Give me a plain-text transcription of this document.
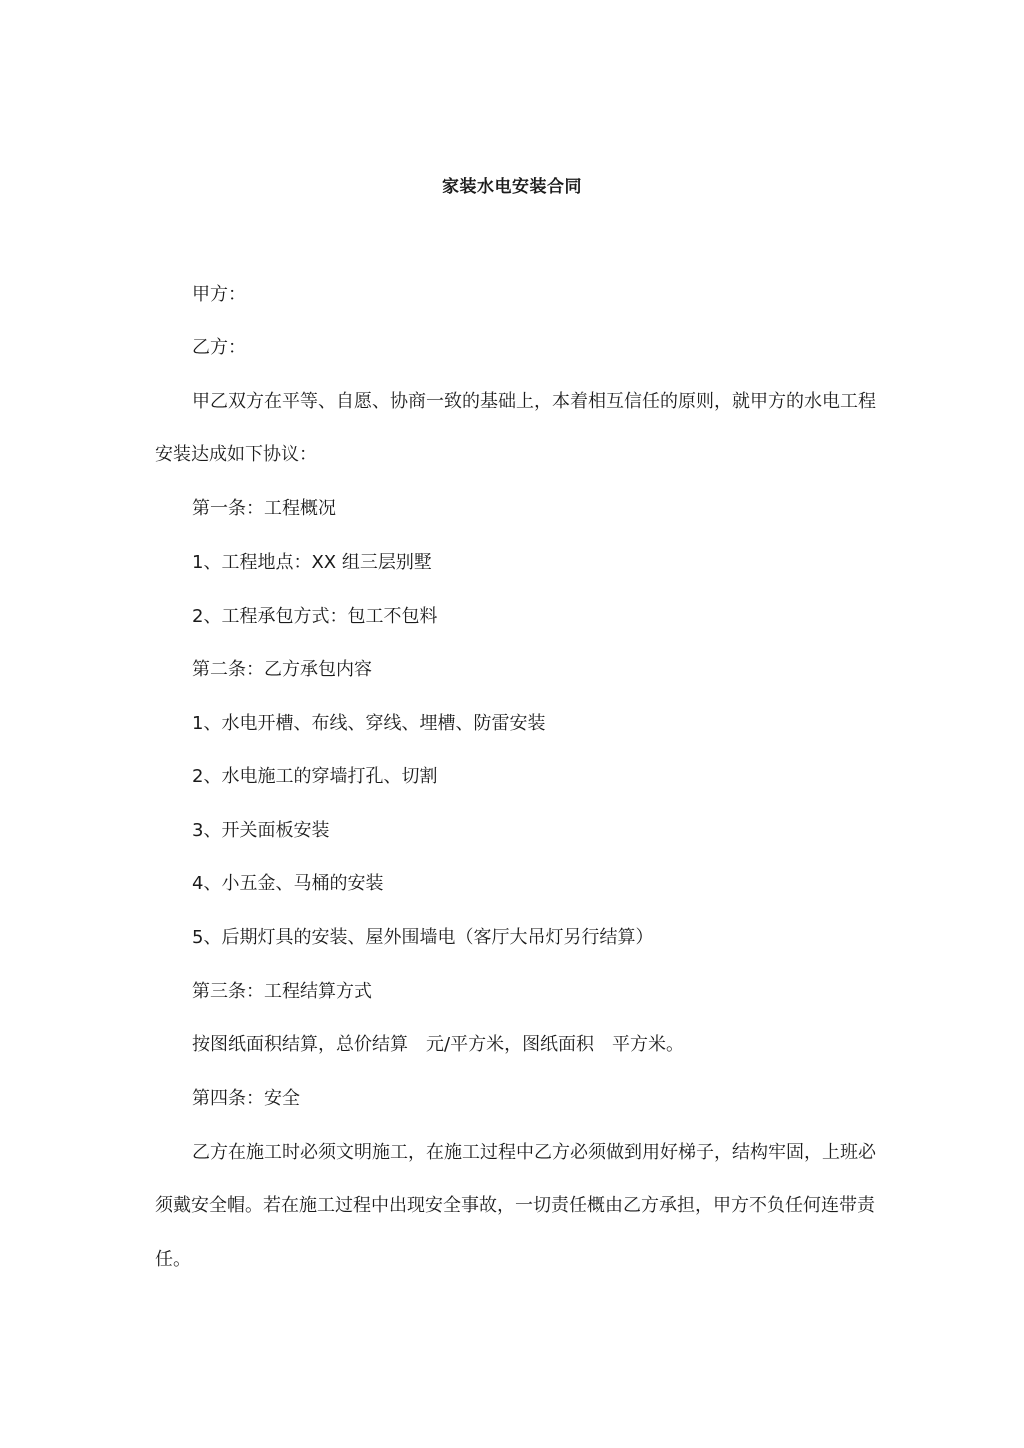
家装水电安装合同
甲方：
乙方：
甲乙双方在平等、自愿、协商一致的基础上，本着相互信任的原则，就甲方的水电工程
安装达成如下协议：
第一条：工程概况
1、工程地点：XX 组三层别墅
2、工程承包方式：包工不包料
第二条：乙方承包内容
1、水电开槽、布线、穿线、埋槽、防雷安装
2、水电施工的穿墙打孔、切割
3、开关面板安装
4、小五金、马桶的安装
5、后期灯具的安装、屋外围墙电（客厅大吊灯另行结算）
第三条：工程结算方式
按图纸面积结算，总价结算　元/平方米，图纸面积　平方米。
第四条：安全
乙方在施工时必须文明施工，在施工过程中乙方必须做到用好梯子，结构牢固，上班必
须戴安全帽。若在施工过程中出现安全事故，一切责任概由乙方承担，甲方不负任何连带责
任。
